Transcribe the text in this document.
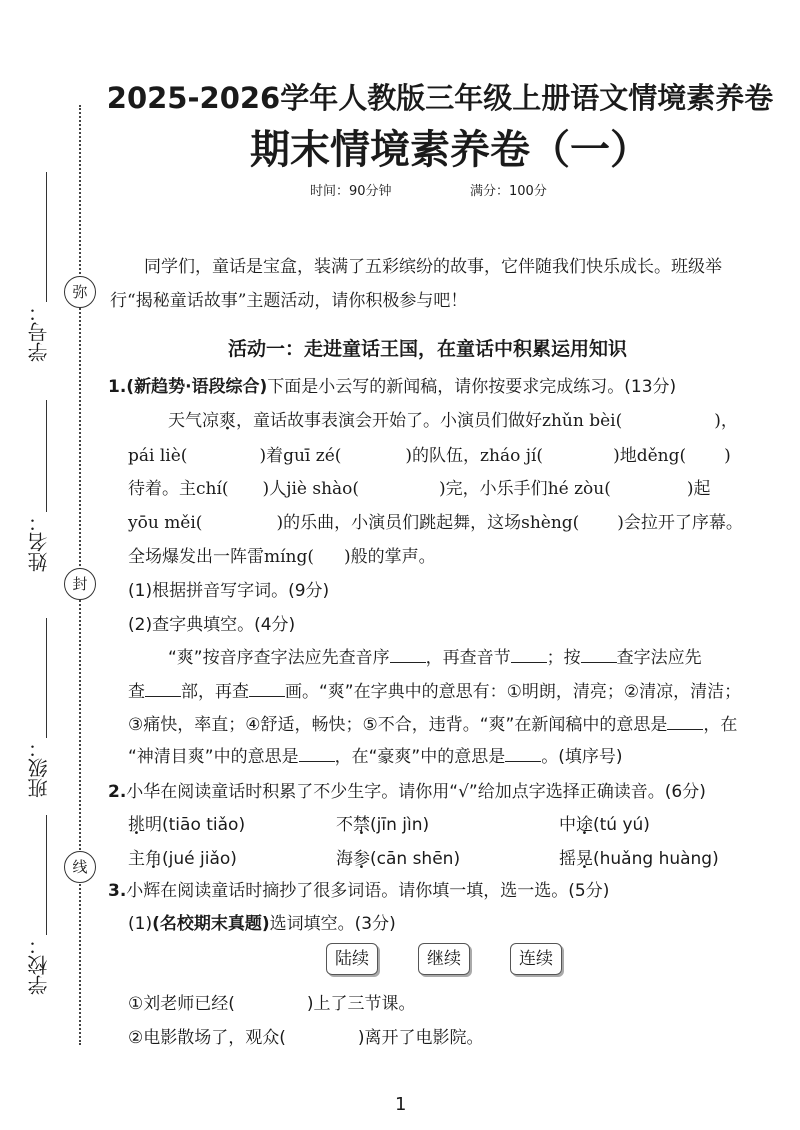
弥
封
线
学号：
姓名：
班级：
学校：
2025-2026学年人教版三年级上册语文情境素养卷
期末情境素养卷（一）
时间：90分钟	满分：100分
同学们，童话是宝盒，装满了五彩缤纷的故事，它伴随我们快乐成长。班级举
行“揭秘童话故事”主题活动，请你积极参与吧！
活动一：走进童话王国，在童话中积累运用知识
1.(新趋势·语段综合)下面是小云写的新闻稿，请你按要求完成练习。(13分)
天气凉爽，童话故事表演会开始了。小演员们做好zhǔn bèi(	)，
pái liè(	)着guī zé(	)的队伍，zháo jí(	)地děng( )
待着。主chí( )人jiè shào(	)完，小乐手们hé zòu(	)起
yōu měi(	)的乐曲，小演员们跳起舞，这场shèng( )会拉开了序幕。
全场爆发出一阵雷míng( )般的掌声。
(1)根据拼音写字词。(9分)
(2)查字典填空。(4分)
“爽”按音序查字法应先查音序 ，再查音节 ；按 查字法应先
查 部，再查 画。“爽”在字典中的意思有：①明朗，清亮；②清凉，清洁；
③痛快，率直；④舒适，畅快；⑤不合，违背。“爽”在新闻稿中的意思是 ，在
“神清目爽”中的意思是 ，在“豪爽”中的意思是 。(填序号)
2.小华在阅读童话时积累了不少生字。请你用“√”给加点字选择正确读音。(6分)
挑明(tiāo tiǎo)	不禁(jīn jìn)	中途(tú yú)
主角(jué jiǎo)	海参(cān shēn)	摇晃(huǎng huàng)
3.小辉在阅读童话时摘抄了很多词语。请你填一填，选一选。(5分)
(1)(名校期末真题)选词填空。(3分)
陆续	继续	连续
①刘老师已经(	)上了三节课。
②电影散场了，观众(	)离开了电影院。
1
